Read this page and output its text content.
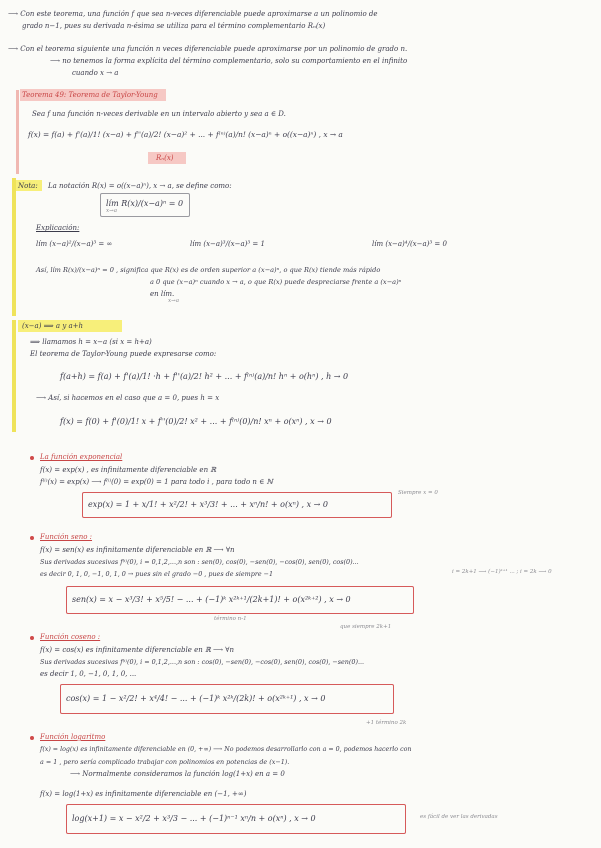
⟶ Con este teorema, una función f que sea n-veces diferenciable puede aproximarse a un polinomio de
grado n−1, pues su derivada n-ésima se utiliza para el término complementario Rₙ(x)
⟶ Con el teorema siguiente una función n veces diferenciable puede aproximarse por un polinomio de grado n.
⟶ no tenemos la forma explícita del término complementario, solo su comportamiento en el infinito
cuando x → a
Teorema 49: Teorema de Taylor-Young
Sea f una función n-veces derivable en un intervalo abierto y sea a ∈ D.
f(x) = f(a) + f'(a)/1! (x−a) + f''(a)/2! (x−a)² + ... + f⁽ⁿ⁾(a)/n! (x−a)ⁿ + o((x−a)ⁿ) , x → a
Rₙ(x)
Nota: La notación R(x) = o((x−a)ⁿ), x → a, se define como:
lím R(x)/(x−a)ⁿ = 0
x→a
Explicación:
lím (x−a)²/(x−a)³ = ∞	lím (x−a)³/(x−a)³ = 1	lím (x−a)⁴/(x−a)³ = 0
Así, lím R(x)/(x−a)ⁿ = 0 , significa que R(x) es de orden superior a (x−a)ⁿ, o que R(x) tiende más rápido
a 0 que (x−a)ⁿ cuando x → a, o que R(x) puede despreciarse frente a (x−a)ⁿ
en lím.
x→a
(x−a) ⟹ a y a+h
⟹ llamamos h = x−a (si x = h+a)
El teorema de Taylor-Young puede expresarse como:
f(a+h) = f(a) + f'(a)/1! ·h + f''(a)/2! h² + ... + f⁽ⁿ⁾(a)/n! hⁿ + o(hⁿ) , h → 0
⟶ Así, si hacemos en el caso que a = 0, pues h = x
f(x) = f(0) + f'(0)/1! x + f''(0)/2! x² + ... + f⁽ⁿ⁾(0)/n! xⁿ + o(xⁿ) , x → 0
La función exponencial
f(x) = exp(x) , es infinitamente diferenciable en ℝ
f⁽ⁱ⁾(x) = exp(x) ⟶ f⁽ⁱ⁾(0) = exp(0) = 1 para todo i , para todo n ∈ ℕ
exp(x) = 1 + x/1! + x²/2! + x³/3! + ... + xⁿ/n! + o(xⁿ) , x → 0
Siempre x = 0
Función seno :
f(x) = sen(x) es infinitamente diferenciable en ℝ ⟶ ∀n
Sus derivadas sucesivas f⁽ⁱ⁾(0), i = 0,1,2,...,n son : sen(0), cos(0), −sen(0), −cos(0), sen(0), cos(0)...
es decir 0, 1, 0, −1, 0, 1, 0 → pues sin el grado −0 , pues de siempre −1	i = 2k+1 ⟶ (−1)ᵏ⁺¹ ... ; i = 2k ⟶ 0
sen(x) = x − x³/3! + x⁵/5! − ... + (−1)ᵏ x²ᵏ⁺¹/(2k+1)! + o(x²ᵏ⁺²) , x → 0
término n-1
que siempre 2k+1
Función coseno :
f(x) = cos(x) es infinitamente diferenciable en ℝ ⟶ ∀n
Sus derivadas sucesivas f⁽ⁱ⁾(0), i = 0,1,2,...,n son : cos(0), −sen(0), −cos(0), sen(0), cos(0), −sen(0)...
es decir 1, 0, −1, 0, 1, 0, ...
cos(x) = 1 − x²/2! + x⁴/4! − ... + (−1)ᵏ x²ᵏ/(2k)! + o(x²ᵏ⁺¹) , x → 0
+1 término 2k
Función logaritmo
f(x) = log(x) es infinitamente diferenciable en (0, +∞) ⟶ No podemos desarrollarlo con a = 0, podemos hacerlo con
a = 1 , pero sería complicado trabajar con polinomios en potencias de (x−1).
⟶ Normalmente consideramos la función log(1+x) en a = 0
f(x) = log(1+x) es infinitamente diferenciable en (−1, +∞)
log(x+1) = x − x²/2 + x³/3 − ... + (−1)ⁿ⁻¹ xⁿ/n + o(xⁿ) , x → 0	es fácil de ver las derivadas
